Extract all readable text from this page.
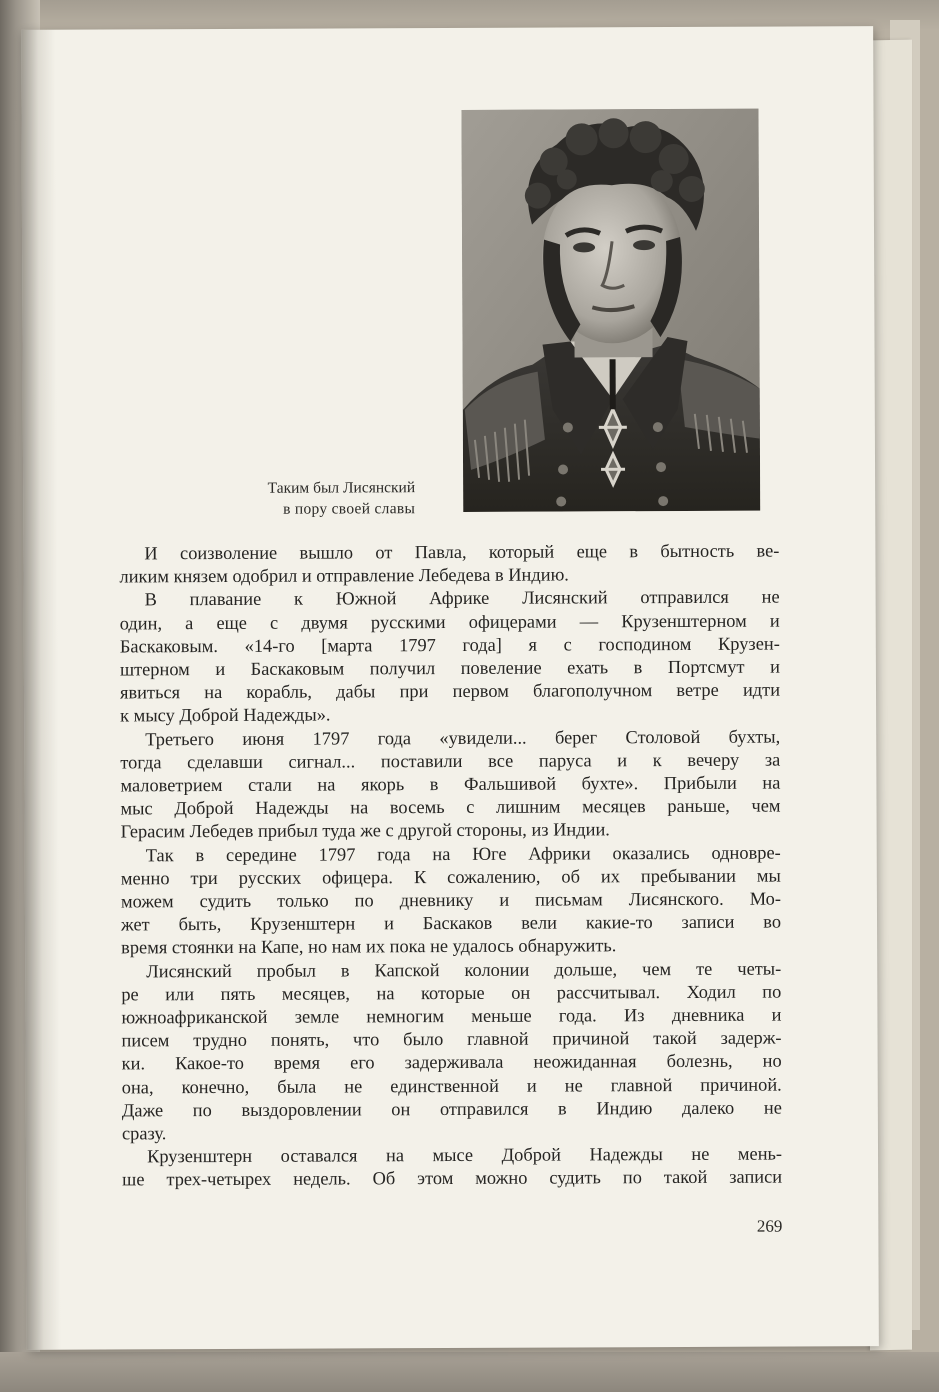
Таким был Лисянский
в пору своей славы
И соизволение вышло от Павла, который еще в бытность ве-
ликим князем одобрил и отправление Лебедева в Индию.
В плавание к Южной Африке Лисянский отправился не
один, а еще с двумя русскими офицерами — Крузенштерном и
Баскаковым. «14-го [марта 1797 года] я с господином Крузен-
штерном и Баскаковым получил повеление ехать в Портсмут и
явиться на корабль, дабы при первом благополучном ветре идти
к мысу Доброй Надежды».
Третьего июня 1797 года «увидели... берег Столовой бухты,
тогда сделавши сигнал... поставили все паруса и к вечеру за
маловетрием стали на якорь в Фальшивой бухте». Прибыли на
мыс Доброй Надежды на восемь с лишним месяцев раньше, чем
Герасим Лебедев прибыл туда же с другой стороны, из Индии.
Так в середине 1797 года на Юге Африки оказались одновре-
менно три русских офицера. К сожалению, об их пребывании мы
можем судить только по дневнику и письмам Лисянского. Мо-
жет быть, Крузенштерн и Баскаков вели какие-то записи во
время стоянки на Капе, но нам их пока не удалось обнаружить.
Лисянский пробыл в Капской колонии дольше, чем те четы-
ре или пять месяцев, на которые он рассчитывал. Ходил по
южноафриканской земле немногим меньше года. Из дневника и
писем трудно понять, что было главной причиной такой задерж-
ки. Какое-то время его задерживала неожиданная болезнь, но
она, конечно, была не единственной и не главной причиной.
Даже по выздоровлении он отправился в Индию далеко не
сразу.
Крузенштерн оставался на мысе Доброй Надежды не мень-
ше трех-четырех недель. Об этом можно судить по такой записи
269
